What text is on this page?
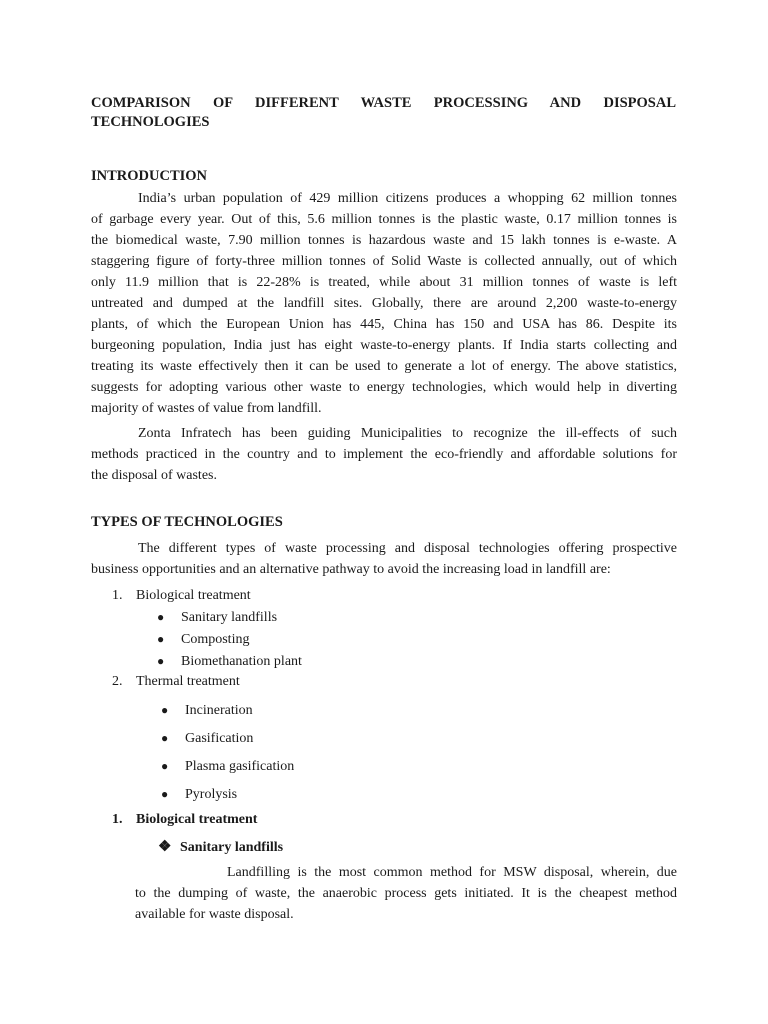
COMPARISON OF DIFFERENT WASTE PROCESSING AND DISPOSAL
TECHNOLOGIES
INTRODUCTION
India’s urban population of 429 million citizens produces a whopping 62 million tonnes
of garbage every year. Out of this, 5.6 million tonnes is the plastic waste, 0.17 million tonnes is
the biomedical waste, 7.90 million tonnes is hazardous waste and 15 lakh tonnes is e-waste. A
staggering figure of forty-three million tonnes of Solid Waste is collected annually, out of which
only 11.9 million that is 22-28% is treated, while about 31 million tonnes of waste is left
untreated and dumped at the landfill sites. Globally, there are around 2,200 waste-to-energy
plants, of which the European Union has 445, China has 150 and USA has 86. Despite its
burgeoning population, India just has eight waste-to-energy plants. If India starts collecting and
treating its waste effectively then it can be used to generate a lot of energy. The above statistics,
suggests for adopting various other waste to energy technologies, which would help in diverting
majority of wastes of value from landfill.
Zonta Infratech has been guiding Municipalities to recognize the ill-effects of such
methods practiced in the country and to implement the eco-friendly and affordable solutions for
the disposal of wastes.
TYPES OF TECHNOLOGIES
The different types of waste processing and disposal technologies offering prospective
business opportunities and an alternative pathway to avoid the increasing load in landfill are:
1. Biological treatment
● Sanitary landfills
● Composting
● Biomethanation plant
2. Thermal treatment
● Incineration
● Gasification
● Plasma gasification
● Pyrolysis
1. Biological treatment
❖ Sanitary landfills
Landfilling is the most common method for MSW disposal, wherein, due
to the dumping of waste, the anaerobic process gets initiated. It is the cheapest method
available for waste disposal.
